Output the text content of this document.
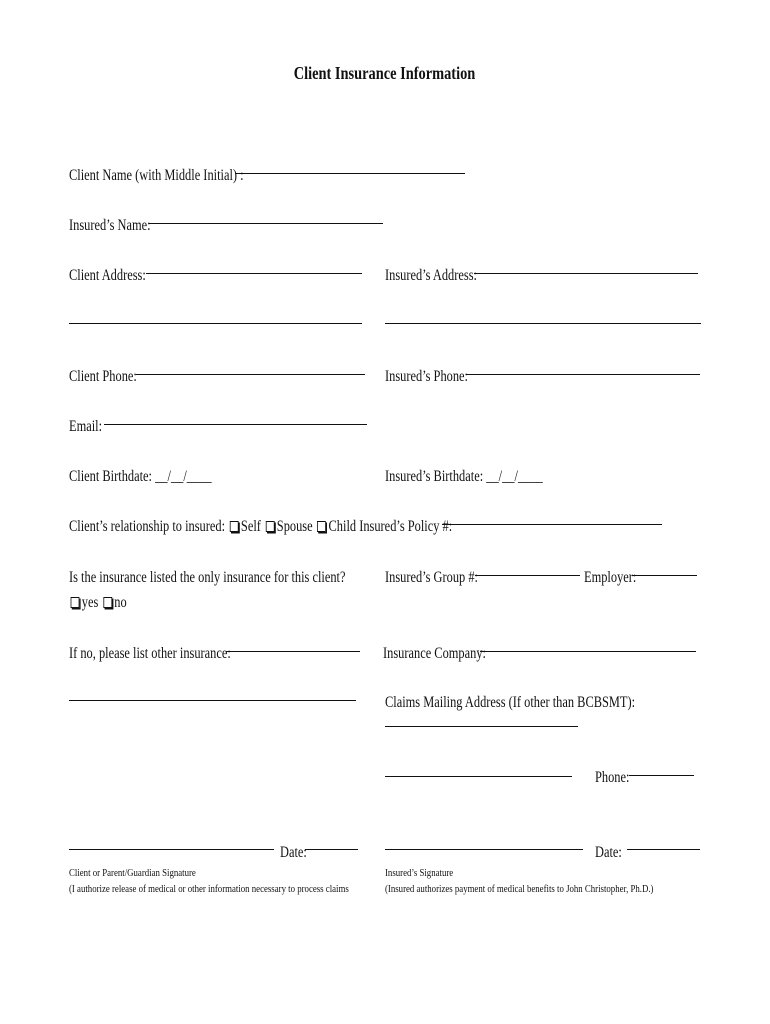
Client Insurance Information
Client Name (with Middle Initial) :
Insured’s Name:
Client Address:	Insured’s Address:
Client Phone:	Insured’s Phone:
Email:
Client Birthdate: __/__/____	Insured’s Birthdate: __/__/____
Client’s relationship to insured: Self Spouse Child Insured’s Policy #:
Is the insurance listed the only insurance for this client?
yes no
Insured’s Group #:	Employer:
If no, please list other insurance:	Insurance Company:
Claims Mailing Address (If other than BCBSMT):
Phone:
Date:	Date:
Client or Parent/Guardian Signature
(I authorize release of medical or other information necessary to process claims
Insured’s Signature
(Insured authorizes payment of medical benefits to John Christopher, Ph.D.)
